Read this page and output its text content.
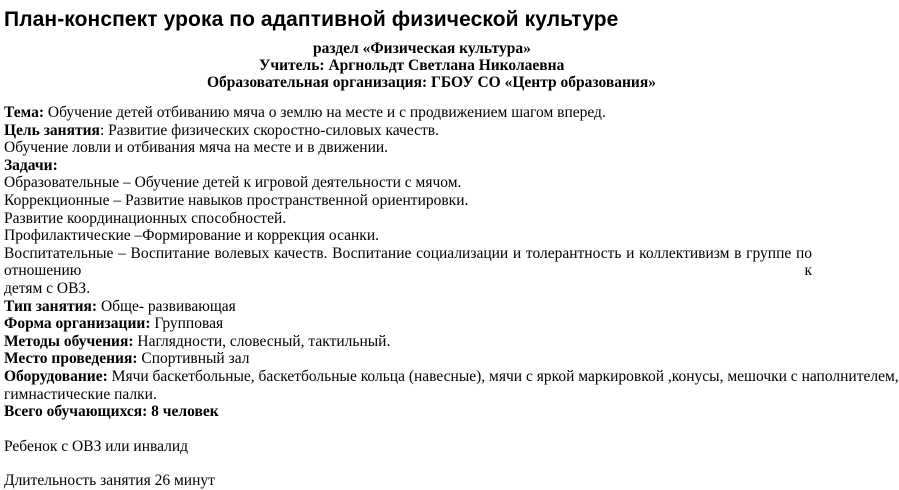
План-конспект урока по адаптивной физической культуре
раздел «Физическая культура»
Учитель: Аргнольдт Светлана Николаевна
Образовательная организация: ГБОУ СО «Центр образования»
Тема: Обучение детей отбиванию мяча о землю на месте и с продвижением шагом вперед.
Цель занятия: Развитие физических скоростно-силовых качеств.
Обучение ловли и отбивания мяча на месте и в движении.
Задачи:
Образовательные – Обучение детей к игровой деятельности с мячом.
Коррекционные – Развитие навыков пространственной ориентировки.
Развитие координационных способностей.
Профилактические –Формирование и коррекция осанки.
Воспитательные – Воспитание волевых качеств. Воспитание социализации и толерантность и коллективизм в группе по отношению к
детям с ОВЗ.
Тип занятия: Обще- развивающая
Форма организации: Групповая
Методы обучения: Наглядности, словесный, тактильный.
Место проведения: Спортивный зал
Оборудование: Мячи баскетбольные, баскетбольные кольца (навесные), мячи с яркой маркировкой ,конусы, мешочки с наполнителем,
гимнастические палки.
Всего обучающихся: 8 человек
Ребенок с ОВЗ или инвалид
Длительность занятия 26 минут
